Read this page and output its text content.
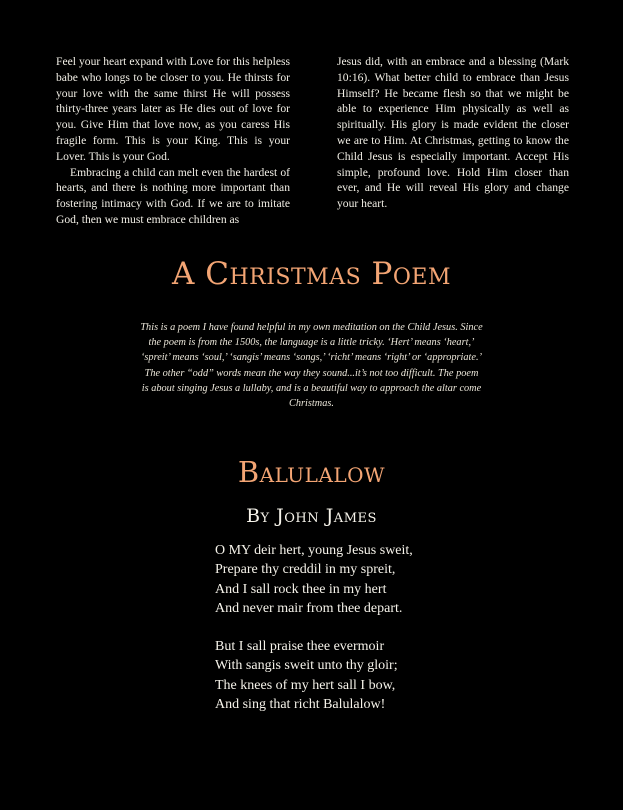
Feel your heart expand with Love for this helpless babe who longs to be closer to you. He thirsts for your love with the same thirst He will possess thirty-three years later as He dies out of love for you. Give Him that love now, as you caress His fragile form. This is your King. This is your Lover. This is your God.

Embracing a child can melt even the hardest of hearts, and there is nothing more important than fostering intimacy with God. If we are to imitate God, then we must embrace children as

Jesus did, with an embrace and a blessing (Mark 10:16). What better child to embrace than Jesus Himself? He became flesh so that we might be able to experience Him physically as well as spiritually. His glory is made evident the closer we are to Him. At Christmas, getting to know the Child Jesus is especially important. Accept His simple, profound love. Hold Him closer than ever, and He will reveal His glory and change your heart.

A Christmas Poem
This is a poem I have found helpful in my own meditation on the Child Jesus. Since the poem is from the 1500s, the language is a little tricky. ‘Hert’ means ‘heart,’ ‘spreit’ means ‘soul,’ ‘sangis’ means ‘songs,’ ‘richt’ means ‘right’ or ‘appropriate.’ The other “odd” words mean the way they sound...it’s not too difficult. The poem is about singing Jesus a lullaby, and is a beautiful way to approach the altar come Christmas.
Balulalow
By John James
O MY deir hert, young Jesus sweit,
Prepare thy creddil in my spreit,
And I sall rock thee in my hert
And never mair from thee depart.
But I sall praise thee evermoir
With sangis sweit unto thy gloir;
The knees of my hert sall I bow,
And sing that richt Balulalow!
